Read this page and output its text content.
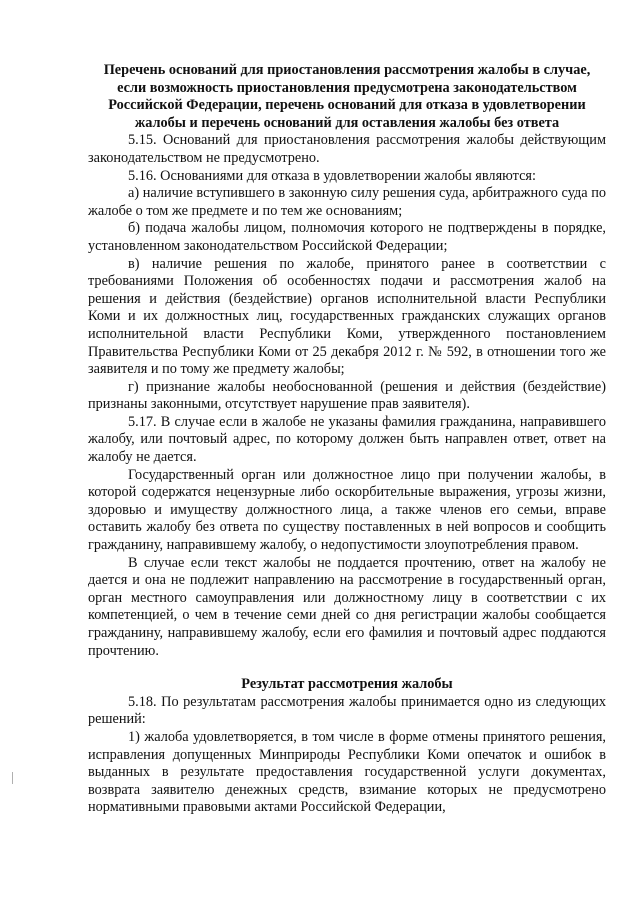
Перечень оснований для приостановления рассмотрения жалобы в случае, если возможность приостановления предусмотрена законодательством Российской Федерации, перечень оснований для отказа в удовлетворении жалобы и перечень оснований для оставления жалобы без ответа

5.15. Оснований для приостановления рассмотрения жалобы действующим законодательством не предусмотрено.

5.16. Основаниями для отказа в удовлетворении жалобы являются:

а) наличие вступившего в законную силу решения суда, арбитражного суда по жалобе о том же предмете и по тем же основаниям;

б) подача жалобы лицом, полномочия которого не подтверждены в порядке, установленном законодательством Российской Федерации;

в) наличие решения по жалобе, принятого ранее в соответствии с требованиями Положения об особенностях подачи и рассмотрения жалоб на решения и действия (бездействие) органов исполнительной власти Республики Коми и их должностных лиц, государственных гражданских служащих органов исполнительной власти Республики Коми, утвержденного постановлением Правительства Республики Коми от 25 декабря 2012 г. № 592, в отношении того же заявителя и по тому же предмету жалобы;

г) признание жалобы необоснованной (решения и действия (бездействие) признаны законными, отсутствует нарушение прав заявителя).

5.17. В случае если в жалобе не указаны фамилия гражданина, направившего жалобу, или почтовый адрес, по которому должен быть направлен ответ, ответ на жалобу не дается.

Государственный орган или должностное лицо при получении жалобы, в которой содержатся нецензурные либо оскорбительные выражения, угрозы жизни, здоровью и имуществу должностного лица, а также членов его семьи, вправе оставить жалобу без ответа по существу поставленных в ней вопросов и сообщить гражданину, направившему жалобу, о недопустимости злоупотребления правом.

В случае если текст жалобы не поддается прочтению, ответ на жалобу не дается и она не подлежит направлению на рассмотрение в государственный орган, орган местного самоуправления или должностному лицу в соответствии с их компетенцией, о чем в течение семи дней со дня регистрации жалобы сообщается гражданину, направившему жалобу, если его фамилия и почтовый адрес поддаются прочтению.

Результат рассмотрения жалобы

5.18. По результатам рассмотрения жалобы принимается одно из следующих решений:

1) жалоба удовлетворяется, в том числе в форме отмены принятого решения, исправления допущенных Минприроды Республики Коми опечаток и ошибок в выданных в результате предоставления государственной услуги документах, возврата заявителю денежных средств, взимание которых не предусмотрено нормативными правовыми актами Российской Федерации,
